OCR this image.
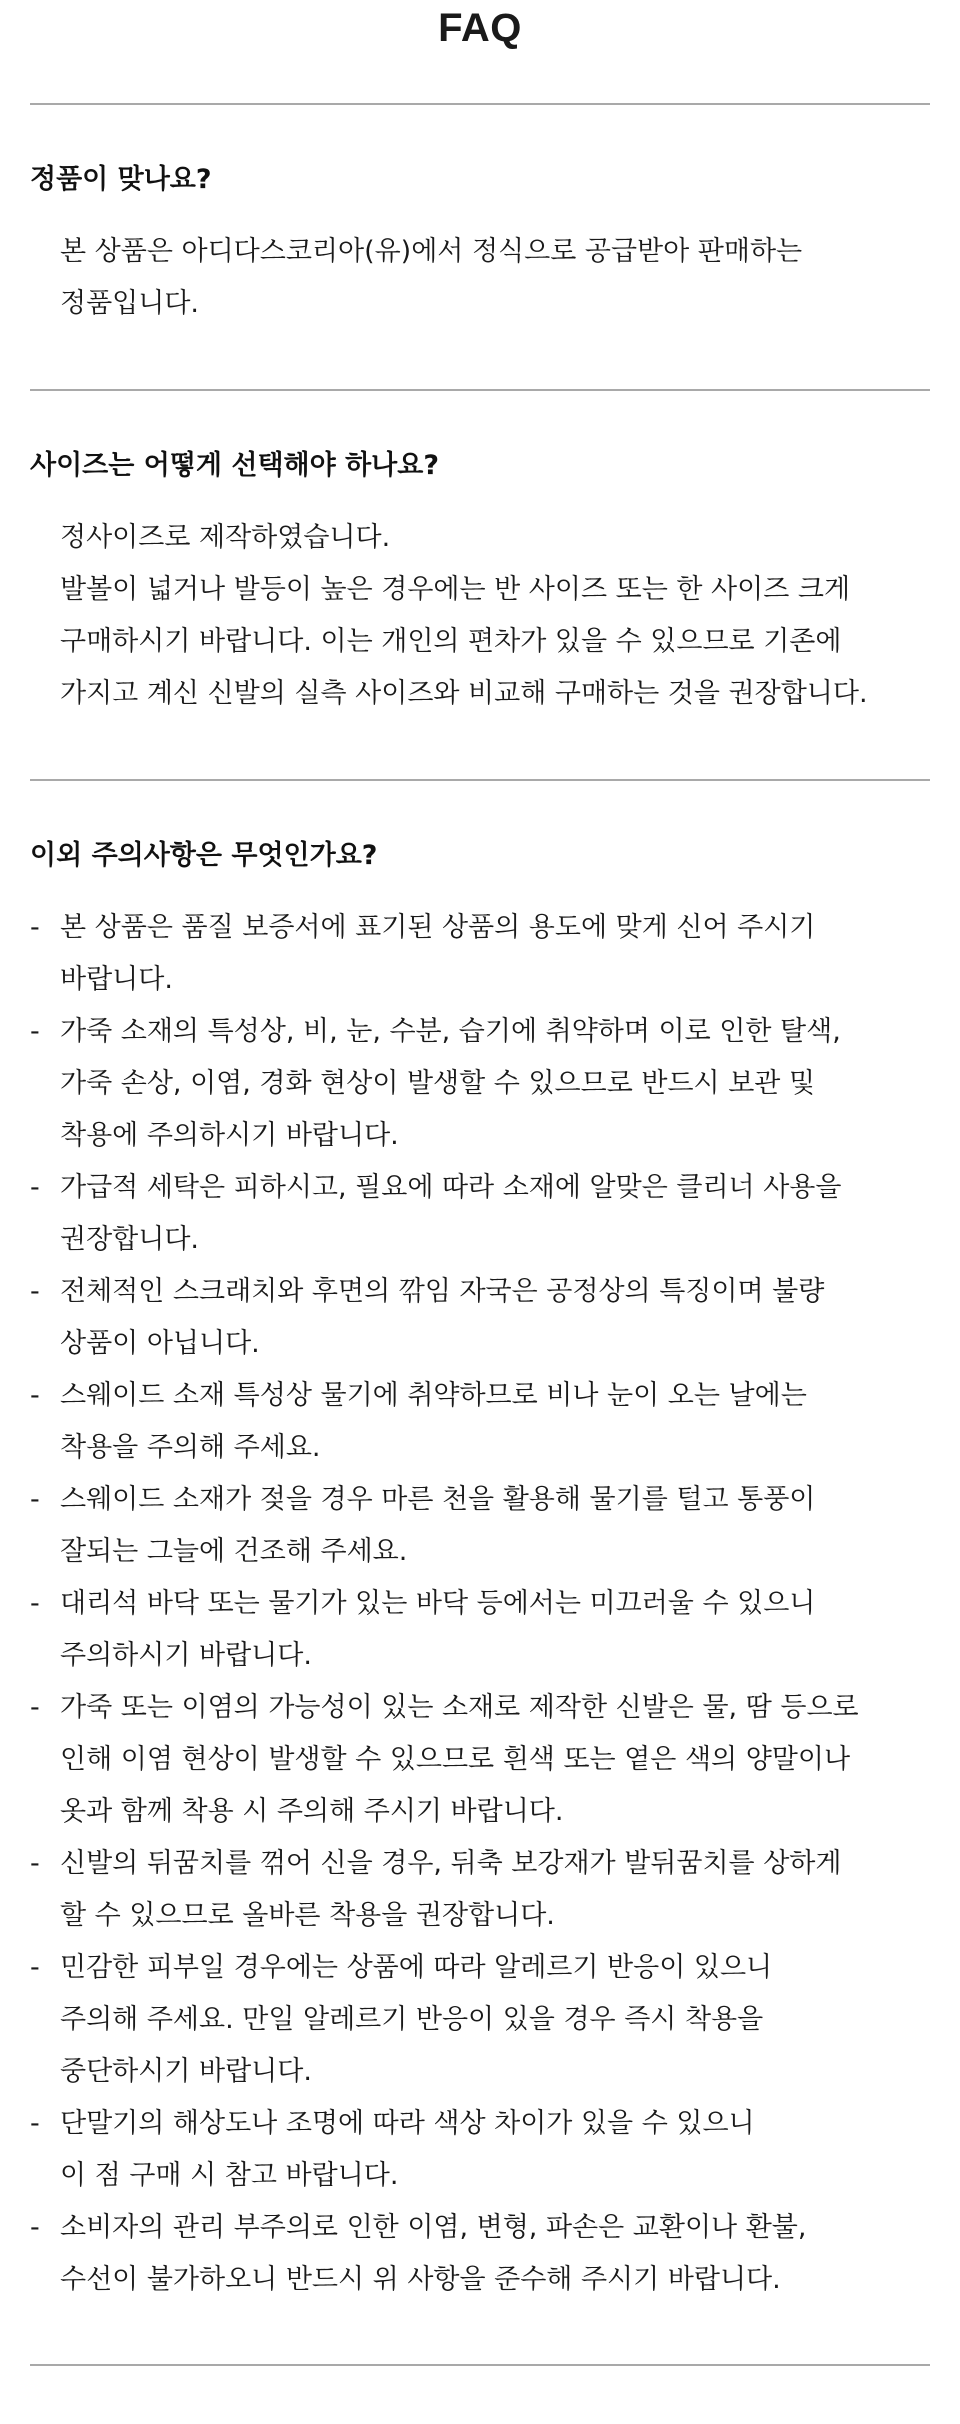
FAQ
정품이 맞나요?

본 상품은 아디다스코리아(유)에서 정식으로 공급받아 판매하는
정품입니다.

사이즈는 어떻게 선택해야 하나요?

정사이즈로 제작하였습니다.
발볼이 넓거나 발등이 높은 경우에는 반 사이즈 또는 한 사이즈 크게
구매하시기 바랍니다. 이는 개인의 편차가 있을 수 있으므로 기존에
가지고 계신 신발의 실측 사이즈와 비교해 구매하는 것을 권장합니다.

이외 주의사항은 무엇인가요?
- 본 상품은 품질 보증서에 표기된 상품의 용도에 맞게 신어 주시기
바랍니다.
- 가죽 소재의 특성상, 비, 눈, 수분, 습기에 취약하며 이로 인한 탈색,
가죽 손상, 이염, 경화 현상이 발생할 수 있으므로 반드시 보관 및
착용에 주의하시기 바랍니다.
- 가급적 세탁은 피하시고, 필요에 따라 소재에 알맞은 클리너 사용을
권장합니다.
- 전체적인 스크래치와 후면의 깎임 자국은 공정상의 특징이며 불량
상품이 아닙니다.
- 스웨이드 소재 특성상 물기에 취약하므로 비나 눈이 오는 날에는
착용을 주의해 주세요.
- 스웨이드 소재가 젖을 경우 마른 천을 활용해 물기를 털고 통풍이
잘되는 그늘에 건조해 주세요.
- 대리석 바닥 또는 물기가 있는 바닥 등에서는 미끄러울 수 있으니
주의하시기 바랍니다.
- 가죽 또는 이염의 가능성이 있는 소재로 제작한 신발은 물, 땀 등으로
인해 이염 현상이 발생할 수 있으므로 흰색 또는 옅은 색의 양말이나
옷과 함께 착용 시 주의해 주시기 바랍니다.
- 신발의 뒤꿈치를 꺾어 신을 경우, 뒤축 보강재가 발뒤꿈치를 상하게
할 수 있으므로 올바른 착용을 권장합니다.
- 민감한 피부일 경우에는 상품에 따라 알레르기 반응이 있으니
주의해 주세요. 만일 알레르기 반응이 있을 경우 즉시 착용을
중단하시기 바랍니다.
- 단말기의 해상도나 조명에 따라 색상 차이가 있을 수 있으니
이 점 구매 시 참고 바랍니다.
- 소비자의 관리 부주의로 인한 이염, 변형, 파손은 교환이나 환불,
수선이 불가하오니 반드시 위 사항을 준수해 주시기 바랍니다.
